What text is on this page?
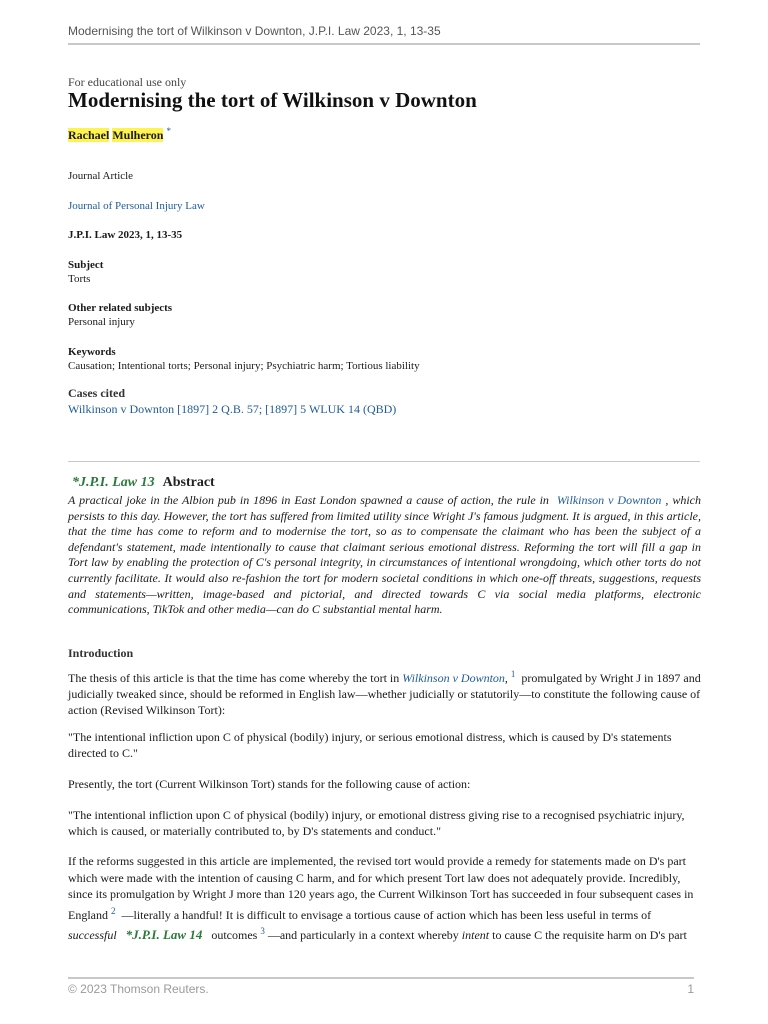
Modernising the tort of Wilkinson v Downton, J.P.I. Law 2023, 1, 13-35
For educational use only
Modernising the tort of Wilkinson v Downton
Rachael Mulheron *
Journal Article
Journal of Personal Injury Law
J.P.I. Law 2023, 1, 13-35
Subject
Torts
Other related subjects
Personal injury
Keywords
Causation; Intentional torts; Personal injury; Psychiatric harm; Tortious liability
Cases cited
Wilkinson v Downton [1897] 2 Q.B. 57; [1897] 5 WLUK 14 (QBD)
*J.P.I. Law 13 Abstract
A practical joke in the Albion pub in 1896 in East London spawned a cause of action, the rule in Wilkinson v Downton , which persists to this day. However, the tort has suffered from limited utility since Wright J's famous judgment. It is argued, in this article, that the time has come to reform and to modernise the tort, so as to compensate the claimant who has been the subject of a defendant's statement, made intentionally to cause that claimant serious emotional distress. Reforming the tort will fill a gap in Tort law by enabling the protection of C's personal integrity, in circumstances of intentional wrongdoing, which other torts do not currently facilitate. It would also re-fashion the tort for modern societal conditions in which one-off threats, suggestions, requests and statements—written, image-based and pictorial, and directed towards C via social media platforms, electronic communications, TikTok and other media—can do C substantial mental harm.
Introduction
The thesis of this article is that the time has come whereby the tort in Wilkinson v Downton, $^1$ promulgated by Wright J in 1897 and judicially tweaked since, should be reformed in English law—whether judicially or statutorily—to constitute the following cause of action (Revised Wilkinson Tort):
"The intentional infliction upon C of physical (bodily) injury, or serious emotional distress, which is caused by D's statements directed to C."
Presently, the tort (Current Wilkinson Tort) stands for the following cause of action:
"The intentional infliction upon C of physical (bodily) injury, or emotional distress giving rise to a recognised psychiatric injury, which is caused, or materially contributed to, by D's statements and conduct."
If the reforms suggested in this article are implemented, the revised tort would provide a remedy for statements made on D's part which were made with the intention of causing C harm, and for which present Tort law does not adequately provide. Incredibly, since its promulgation by Wright J more than 120 years ago, the Current Wilkinson Tort has succeeded in four subsequent cases in England $^2$ —literally a handful! It is difficult to envisage a tortious cause of action which has been less useful in terms of successful *J.P.I. Law 14 outcomes $^3$ —and particularly in a context whereby intent to cause C the requisite harm on D's part
© 2023 Thomson Reuters.	1
